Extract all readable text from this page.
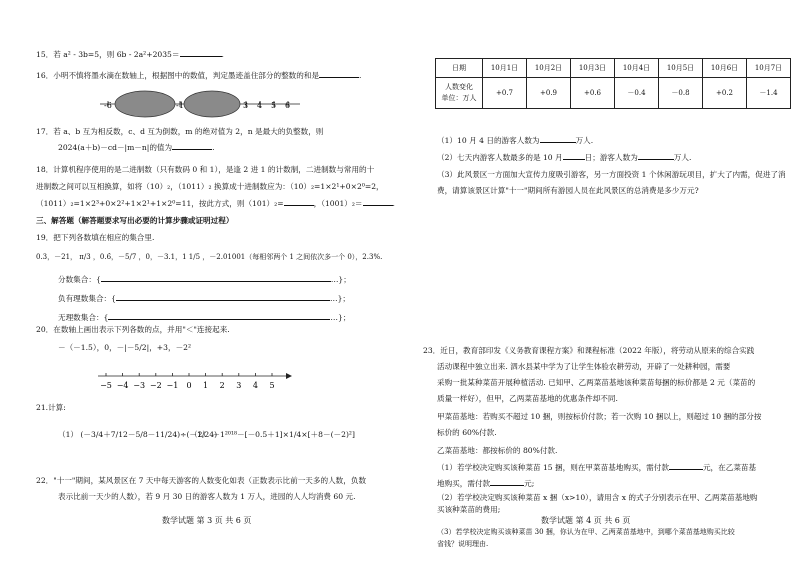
15．若 a² - 3b=5，则 6b - 2a²+2035＝	.
16．小明不慎将墨水滴在数轴上，根据图中的数值，判定墨迹盖住部分的整数的和是	.
-6	-1	3 4 5 6
17．若 a、b 互为相反数，c、d 互为倒数，m 的绝对值为 2，n 是最大的负整数，则
2024(a＋b)－cd－|m－n|的值为	.
18．计算机程序使用的是二进制数（只有数码 0 和 1），是逢 2 进 1 的计数制，二进制数与常用的十
进制数之间可以互相换算，如将（10）₂，（1011）₂ 换算成十进制数应为：（10）₂=1×2¹+0×2⁰=2，
（1011）₂=1×2³+0×2²+1×2¹+1×2⁰=11，按此方式，则（101）₂=	，（1001）₂＝	.
三、解答题（解答题要求写出必要的计算步骤或证明过程）
19．把下列各数填在相应的集合里.
0.3，－21， π/3 ，0.6̇，－5/7 ，0，－3.1，1 1/5 ，－2.01001（每相邻两个 1 之间依次多一个 0），2.3%.
分数集合：{	…}；
负有理数集合：{	…}；
无理数集合：{	…}；
20．在数轴上画出表示下列各数的点，并用"＜"连接起来.
－（－1.5），0，－|－5/2|，+3，－2²
−5 −4 −3 −2 −1 0 1 2 3 4 5
21.计算:
（1） (－3/4＋7/12－5/8－11/24)÷(－1/24)
（2） －1²⁰¹⁸－[－0.5＋1]×1/4×[＋8－(－2)²]
22．"十一"期间，某风景区在 7 天中每天游客的人数变化如表（正数表示比前一天多的人数，负数
表示比前一天少的人数），若 9 月 30 日的游客人数为 1 万人，进园的人人均消费 60 元.
数学试题 第 3 页 共 6 页
日期	10月1日	10月2日	10月3日	10月4日	10月5日	10月6日	10月7日

人数变化
单位：万人	+0.7	+0.9	+0.6	－0.4	－0.8	+0.2	－1.4
（1）10 月 4 日的游客人数为	万人.
（2）七天内游客人数最多的是 10 月	日；游客人数为	万人.
（3）此风景区一方面加大宣传力度吸引游客，另一方面投资 1 个休闲游玩项目，扩大了内需，促进了消
费，请算该景区计算"十一"期间所有游园人员在此风景区的总消费是多少万元?
23．近日，教育部印发《义务教育课程方案》和课程标准（2022 年版），将劳动从原来的综合实践
活动课程中独立出来. 泗水县某中学为了让学生体验农耕劳动，开辟了一处耕种园，需要
采购一批某种菜苗开展种植活动. 已知甲、乙两菜苗基地该种菜苗每捆的标价都是 2 元（菜苗的
质量一样好），但甲，乙两菜苗基地的优惠条件却不同.
甲菜苗基地：若购买不超过 10 捆，则按标价付款；若一次购 10 捆以上，则超过 10 捆的部分按
标价的 60%付款.
乙菜苗基地：都按标价的 80%付款.
（1）若学校决定购买该种菜苗 15 捆，则在甲菜苗基地购买，需付款	元，在乙菜苗基
地购买，需付款	元;
（2）若学校决定购买该种菜苗 x 捆（x>10），请用含 x 的式子分别表示在甲、乙两菜苗基地购
买该种菜苗的费用;
（3）若学校决定购买该种菜苗 30 捆，你认为在甲、乙两菜苗基地中，到哪个菜苗基地购买比较
省钱？说明理由.
数学试题 第 4 页 共 6 页
